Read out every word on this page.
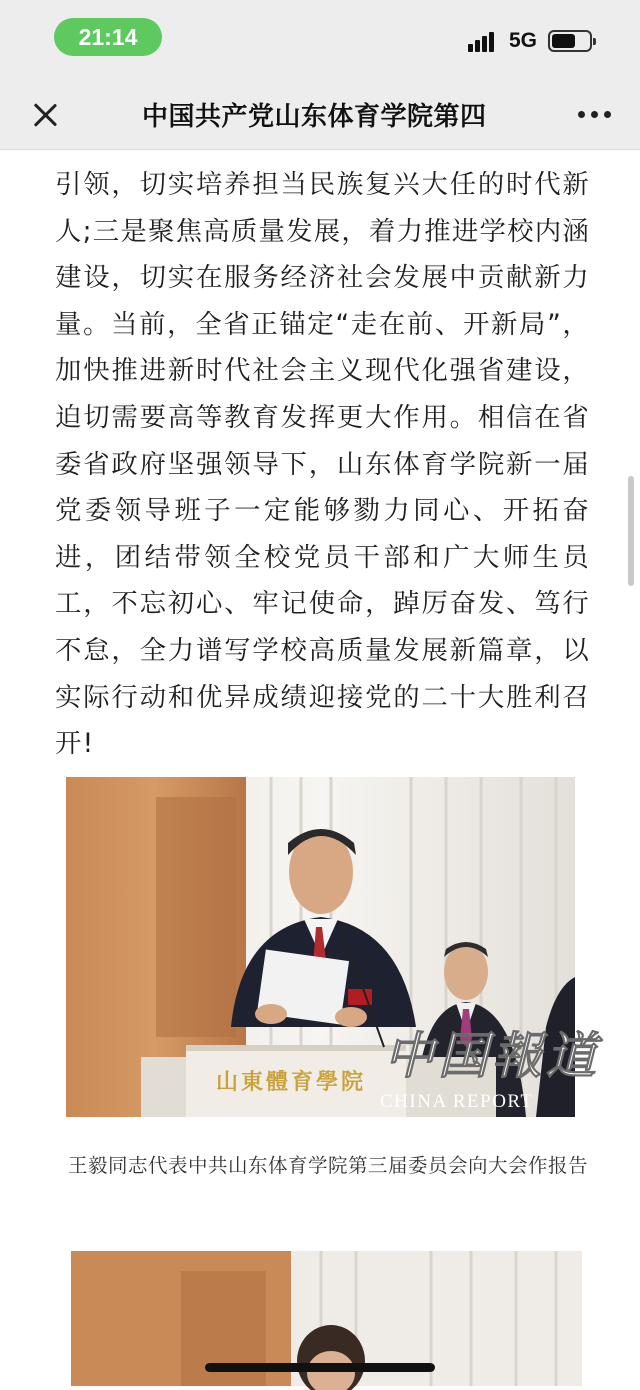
21:14	5G
中国共产党山东体育学院第四
引领，切实培养担当民族复兴大任的时代新人;三是聚焦高质量发展，着力推进学校内涵建设，切实在服务经济社会发展中贡献新力量。当前，全省正锚定“走在前、开新局”，加快推进新时代社会主义现代化强省建设，迫切需要高等教育发挥更大作用。相信在省委省政府坚强领导下，山东体育学院新一届党委领导班子一定能够勠力同心、开拓奋进，团结带领全校党员干部和广大师生员工，不忘初心、牢记使命，踔厉奋发、笃行不怠，全力谱写学校高质量发展新篇章，以实际行动和优异成绩迎接党的二十大胜利召开!
山東體育學院 中国報道
CHINA REPORT
王毅同志代表中共山东体育学院第三届委员会向大会作报告
